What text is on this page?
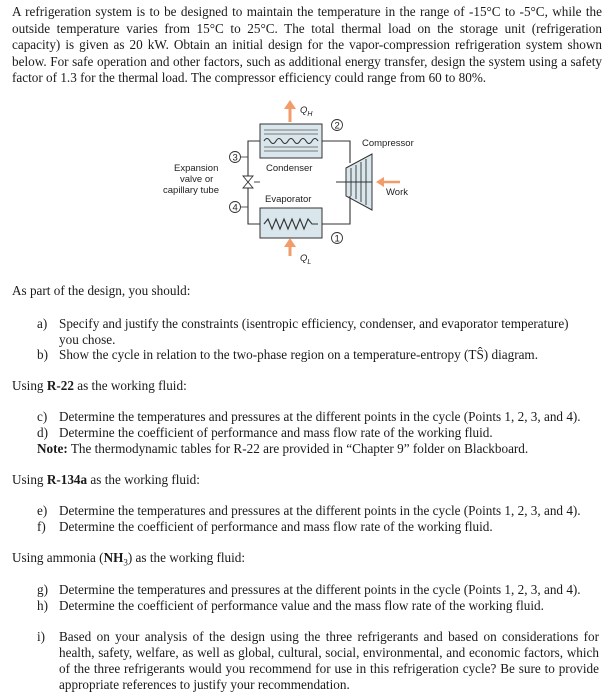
A refrigeration system is to be designed to maintain the temperature in the range of -15°C to -5°C, while the outside temperature varies from 15°C to 25°C. The total thermal load on the storage unit (refrigeration capacity) is given as 20 kW. Obtain an initial design for the vapor-compression refrigeration system shown below. For safe operation and other factors, such as additional energy transfer, design the system using a safety factor of 1.3 for the thermal load. The compressor efficiency could range from 60 to 80%.
$Q_H$
Condenser
2
Compressor
Work
1
Evaporator
$Q_L$
3
4
Expansion
valve or
capillary tube
As part of the design, you should:
a) Specify and justify the constraints (isentropic efficiency, condenser, and evaporator temperature)
you chose.
b) Show the cycle in relation to the two-phase region on a temperature-entropy (TŜ) diagram.
Using R-22 as the working fluid:
c) Determine the temperatures and pressures at the different points in the cycle (Points 1, 2, 3, and 4).
d) Determine the coefficient of performance and mass flow rate of the working fluid.
Note: The thermodynamic tables for R-22 are provided in “Chapter 9” folder on Blackboard.
Using R-134a as the working fluid:
e) Determine the temperatures and pressures at the different points in the cycle (Points 1, 2, 3, and 4).
f) Determine the coefficient of performance and mass flow rate of the working fluid.
Using ammonia $(NH_3)$ as the working fluid:
g) Determine the temperatures and pressures at the different points in the cycle (Points 1, 2, 3, and 4).
h) Determine the coefficient of performance value and the mass flow rate of the working fluid.
i)	Based on your analysis of the design using the three refrigerants and based on considerations for health, safety, welfare, as well as global, cultural, social, environmental, and economic factors, which of the three refrigerants would you recommend for use in this refrigeration cycle? Be sure to provide appropriate references to justify your recommendation.
